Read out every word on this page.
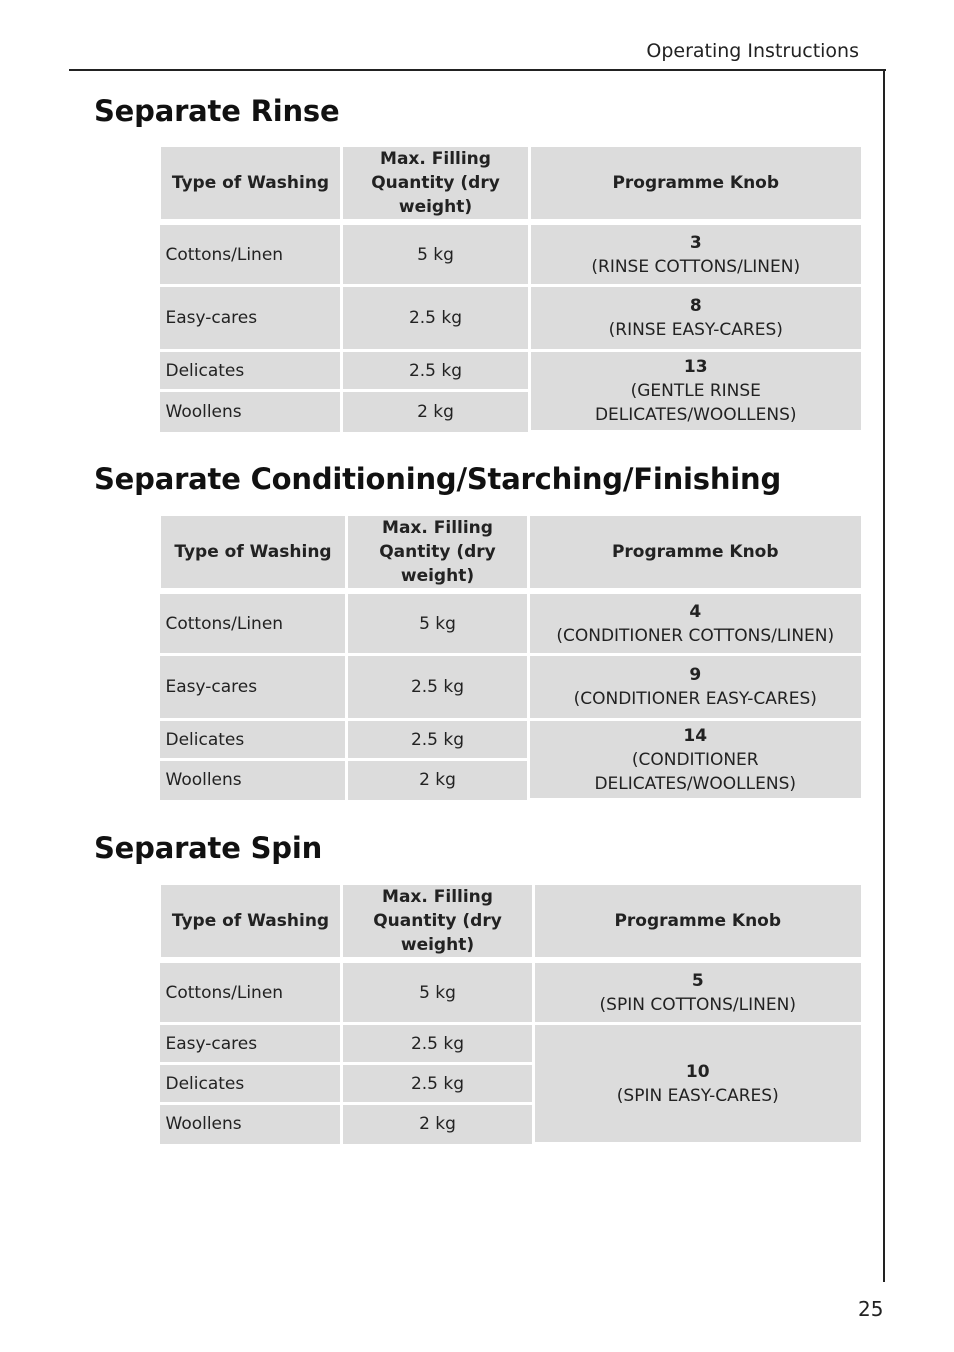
Operating Instructions
Separate Rinse
Type of Washing	Max. Filling Quantity (dry weight)	Programme Knob

Cottons/Linen	5 kg	3
(RINSE COTTONS/LINEN)

Easy-cares	2.5 kg	8
(RINSE EASY-CARES)

Delicates	2.5 kg	13
(GENTLE RINSE DELICATES/WOOLLENS)

Woollens	2 kg	
Separate Conditioning/Starching/Finishing
Type of Washing	Max. Filling Qantity (dry weight)	Programme Knob

Cottons/Linen	5 kg	4
(CONDITIONER COTTONS/LINEN)

Easy-cares	2.5 kg	9
(CONDITIONER EASY-CARES)

Delicates	2.5 kg	14
(CONDITIONER DELICATES/WOOLLENS)

Woollens	2 kg	
Separate Spin
Type of Washing	Max. Filling Quantity (dry weight)	Programme Knob

Cottons/Linen	5 kg	5
(SPIN COTTONS/LINEN)

Easy-cares	2.5 kg	10
(SPIN EASY-CARES)

Delicates	2.5 kg	
Woollens	2 kg	
25
